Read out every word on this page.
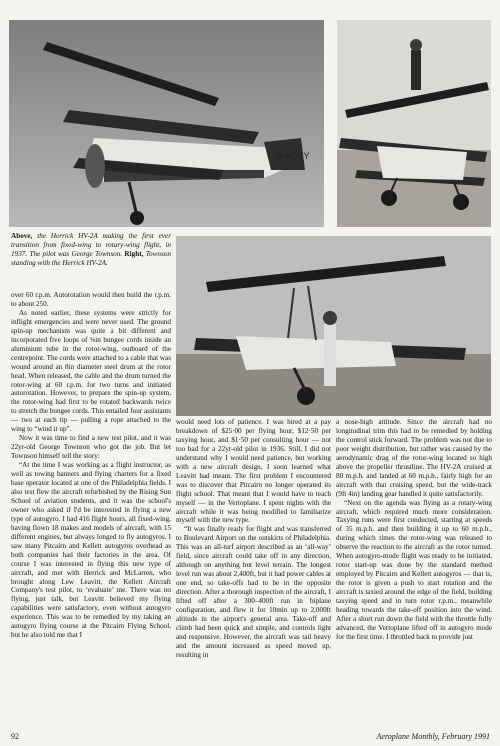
G-ADBY
Above, the Herrick HV-2A making the first ever transition from fixed-wing to rotary-wing flight, in 1937. The pilot was George Townson. Right, Townson standing with the Herrick HV-2A.

over 60 r.p.m. Autorotation would then build the r.p.m. to about 250.

As noted earlier, these systems were strictly for inflight emergencies and were never used. The ground spin-up mechanism was quite a bit different and incorporated five loops of ⅝in bungee cords inside an aluminium tube in the rotor-wing, outboard of the centrepoint. The cords were attached to a cable that was wound around an 8in diameter steel drum at the rotor head. When released, the cable and the drum turned the rotor-wing at 60 r.p.m. for two turns and initiated autorotation. However, to prepare the spin-up system, the rotor-wing had first to be rotated backwards twice to stretch the bungee cords. This entailed four assistants — two at each tip — pulling a rope attached to the wing to “wind it up”.

Now it was time to find a new test pilot, and it was 22yr-old George Townson who got the job. But let Townson himself tell the story:

“At the time I was working as a flight instructor, as well as towing banners and flying charters for a fixed base operator located at one of the Philadelphia fields. I also test flew the aircraft refurbished by the Rising Sun School of aviation students, and it was the school's owner who asked if I'd be interested in flying a new type of autogyro. I had 416 flight hours, all fixed-wing, having flown 18 makes and models of aircraft, with 15 different engines, but always longed to fly autogyros. I saw many Pitcairn and Kellett autogyros overhead as both companies had their factories in the area. Of course I was interested in flying this new type of aircraft, and met with Herrick and McLarren, who brought along Lew Leavitt, the Kellett Aircraft Company's test pilot, to ‘evaluate’ me. There was no flying, just talk, but Leavitt believed my flying capabilities were satisfactory, even without autogyro experience. This was to be remedied by my taking an autogyro flying course at the Pitcairn Flying School, but he also told me that I

would need lots of patience. I was hired at a pay breakdown of $25·00 per flying hour, $12·50 per taxying hour, and $1·50 per consulting hour — not too bad for a 22yr-old pilot in 1936. Still, I did not understand why I would need patience, but working with a new aircraft design, I soon learned what Leavitt had meant. The first problem I encountered was to discover that Pitcairn no longer operated its flight school. That meant that I would have to teach myself — in the Vertoplane. I spent nights with the aircraft while it was being modified to familiarize myself with the new type.

“It was finally ready for flight and was transferred to Boulevard Airport on the outskirts of Philadelphia. This was an all-turf airport described as an ‘all-way’ field, since aircraft could take off in any direction, although on anything but level terrain. The longest level run was about 2,400ft, but it had power cables at one end, so take-offs had to be in the opposite direction. After a thorough inspection of the aircraft, I lifted off after a 300–400ft run in biplane configuration, and flew it for 10min up to 2,000ft altitude in the airport's general area. Take-off and climb had been quick and simple, and controls light and responsive. However, the aircraft was tail heavy and the amount increased as speed moved up, resulting in

a nose-high attitude. Since the aircraft had no longitudinal trim this had to be remedied by holding the control stick forward. The problem was not due to poor weight distribution, but rather was caused by the aerodynamic drag of the rotor-wing located so high above the propeller thrustline. The HV-2A cruised at 80 m.p.h. and landed at 60 m.p.h., fairly high for an aircraft with that cruising speed, but the wide-track (9ft 4in) landing gear handled it quite satisfactorily.

“Next on the agenda was flying as a rotary-wing aircraft, which required much more consideration. Taxying runs were first conducted, starting at speeds of 35 m.p.h. and then building it up to 60 m.p.h., during which times the rotor-wing was released to observe the reaction to the aircraft as the rotor turned. When autogyro-mode flight was ready to be initiated, rotor start-up was done by the standard method employed by Pitcairn and Kellett autogyros — that is, the rotor is given a push to start rotation and the aircraft is taxied around the edge of the field, building taxying speed and in turn rotor r.p.m., meanwhile heading towards the take-off position into the wind. After a short run down the field with the throttle fully advanced, the Vertoplane lifted off in autogyro mode for the first time. I throttled back to provide just

92	Aeroplane Monthly, February 1991
